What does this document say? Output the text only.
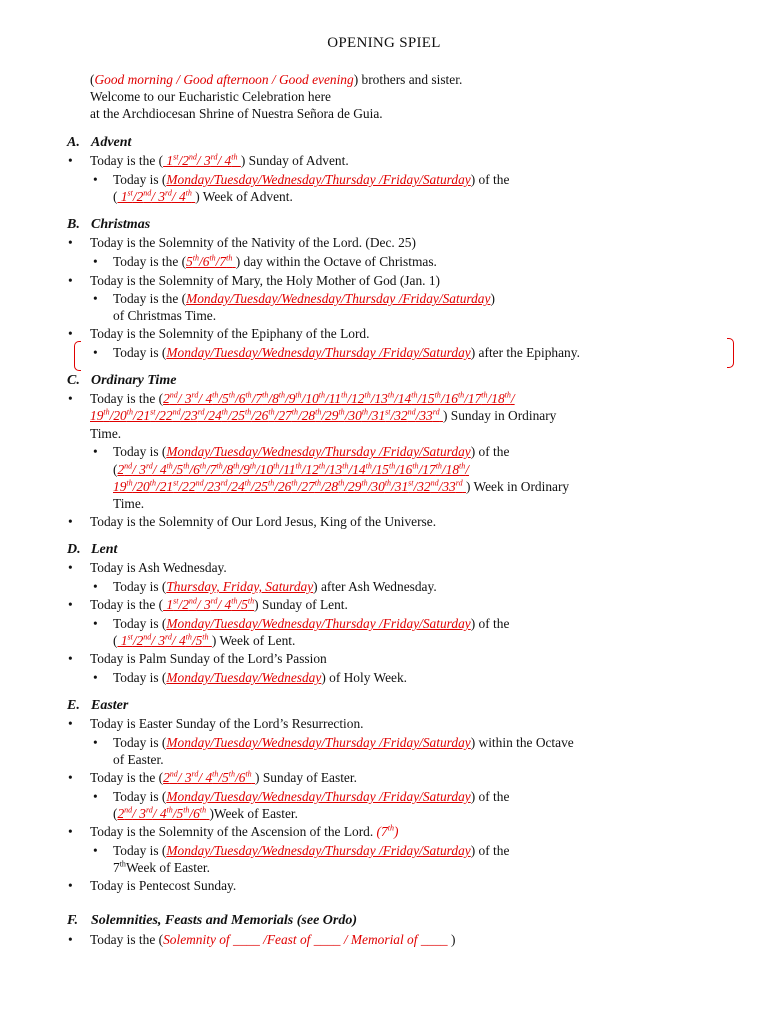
OPENING SPIEL
(Good morning / Good afternoon / Good evening) brothers and sister.
Welcome to our Eucharistic Celebration here
at the Archdiocesan Shrine of Nuestra Señora de Guia.
A. Advent
• Today is the ( 1st/2nd/ 3rd/ 4th ) Sunday of Advent.
• Today is (Monday/Tuesday/Wednesday/Thursday /Friday/Saturday) of the
( 1st/2nd/ 3rd/ 4th ) Week of Advent.
B. Christmas
• Today is the Solemnity of the Nativity of the Lord. (Dec. 25)
• Today is the (5th/6th/7th ) day within the Octave of Christmas.
• Today is the Solemnity of Mary, the Holy Mother of God (Jan. 1)
• Today is the (Monday/Tuesday/Wednesday/Thursday /Friday/Saturday)
of Christmas Time.
• Today is the Solemnity of the Epiphany of the Lord.
• Today is (Monday/Tuesday/Wednesday/Thursday /Friday/Saturday) after the Epiphany.
C. Ordinary Time
• Today is the (2nd/ 3rd/ 4th/5th/6th/7th/8th/9th/10th/11th/12th/13th/14th/15th/16th/17th/18th/
19th/20th/21st/22nd/23rd/24th/25th/26th/27th/28th/29th/30th/31st/32nd/33rd ) Sunday in Ordinary
Time.
• Today is (Monday/Tuesday/Wednesday/Thursday /Friday/Saturday) of the
(2nd/ 3rd/ 4th/5th/6th/7th/8th/9th/10th/11th/12th/13th/14th/15th/16th/17th/18th/
19th/20th/21st/22nd/23rd/24th/25th/26th/27th/28th/29th/30th/31st/32nd/33rd ) Week in Ordinary
Time.
• Today is the Solemnity of Our Lord Jesus, King of the Universe.
D. Lent
• Today is Ash Wednesday.
• Today is (Thursday, Friday, Saturday) after Ash Wednesday.
• Today is the ( 1st/2nd/ 3rd/ 4th/5th) Sunday of Lent.
• Today is (Monday/Tuesday/Wednesday/Thursday /Friday/Saturday) of the
( 1st/2nd/ 3rd/ 4th/5th ) Week of Lent.
• Today is Palm Sunday of the Lord’s Passion
• Today is (Monday/Tuesday/Wednesday) of Holy Week.
E. Easter
• Today is Easter Sunday of the Lord’s Resurrection.
• Today is (Monday/Tuesday/Wednesday/Thursday /Friday/Saturday) within the Octave
of Easter.
• Today is the (2nd/ 3rd/ 4th/5th/6th ) Sunday of Easter.
• Today is (Monday/Tuesday/Wednesday/Thursday /Friday/Saturday) of the
(2nd/ 3rd/ 4th/5th/6th )Week of Easter.
• Today is the Solemnity of the Ascension of the Lord. (7th)
• Today is (Monday/Tuesday/Wednesday/Thursday /Friday/Saturday) of the
7thWeek of Easter.
• Today is Pentecost Sunday.
F. Solemnities, Feasts and Memorials (see Ordo)
• Today is the (Solemnity of ____ /Feast of ____ / Memorial of ____ )
